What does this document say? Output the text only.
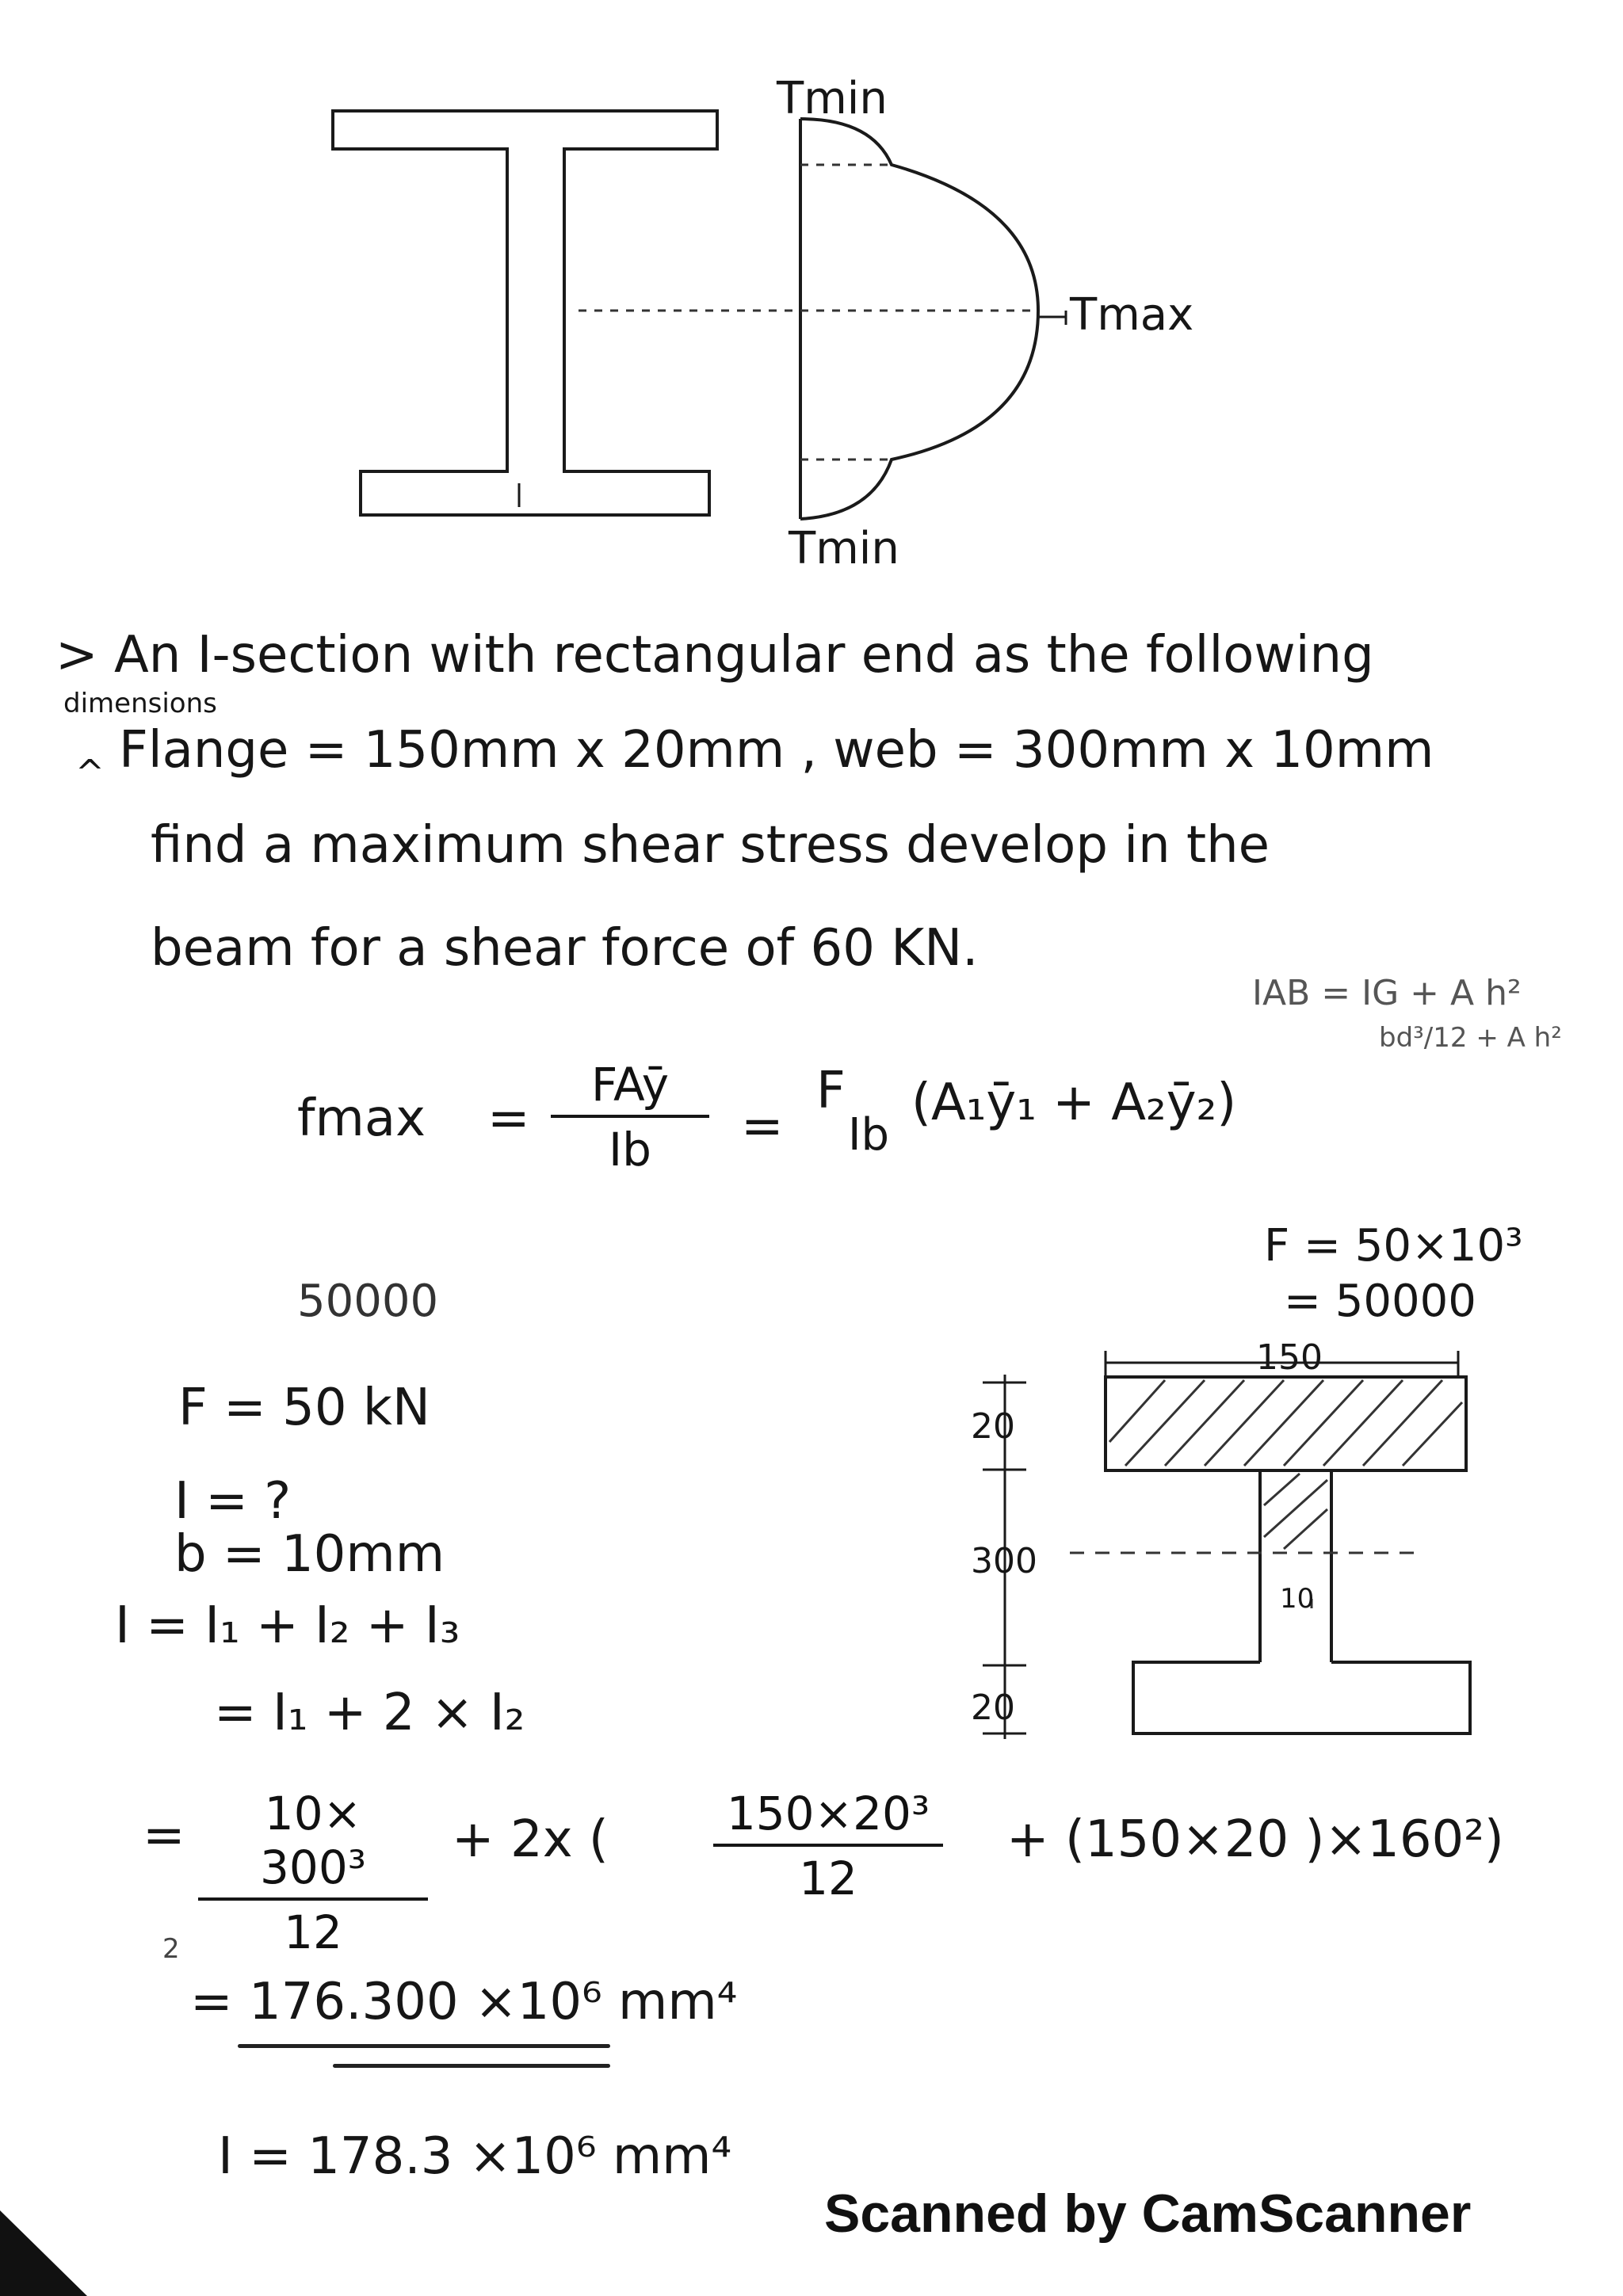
Tmin
Tmax
Tmin
> An I-section with rectangular end as the following
dimensions
^ Flange = 150mm x 20mm , web = 300mm x 10mm
find a maximum shear stress develop in the
beam for a shear force of 60 KN.
IAB = IG + A h²
bd³/12 + A h²
F = 50×10³
= 50000
fmax =
FAȳ
Ib	=
F
Ib
(A₁ȳ₁ + A₂ȳ₂)
50000
F = 50 kN
I = ?
b = 10mm
I = I₁ + I₂ + I₃
= I₁ + 2 × I₂
= $\frac{\text{10× 300³}}{12} + 2x$ ( $\frac{\text{150×20³}}{12} + (150\times 20$ )×160²)
2
= 176.300 ×10⁶ mm⁴
I = 178.3 ×10⁶ mm⁴
150
20
300
10
20
Scanned by CamScanner
